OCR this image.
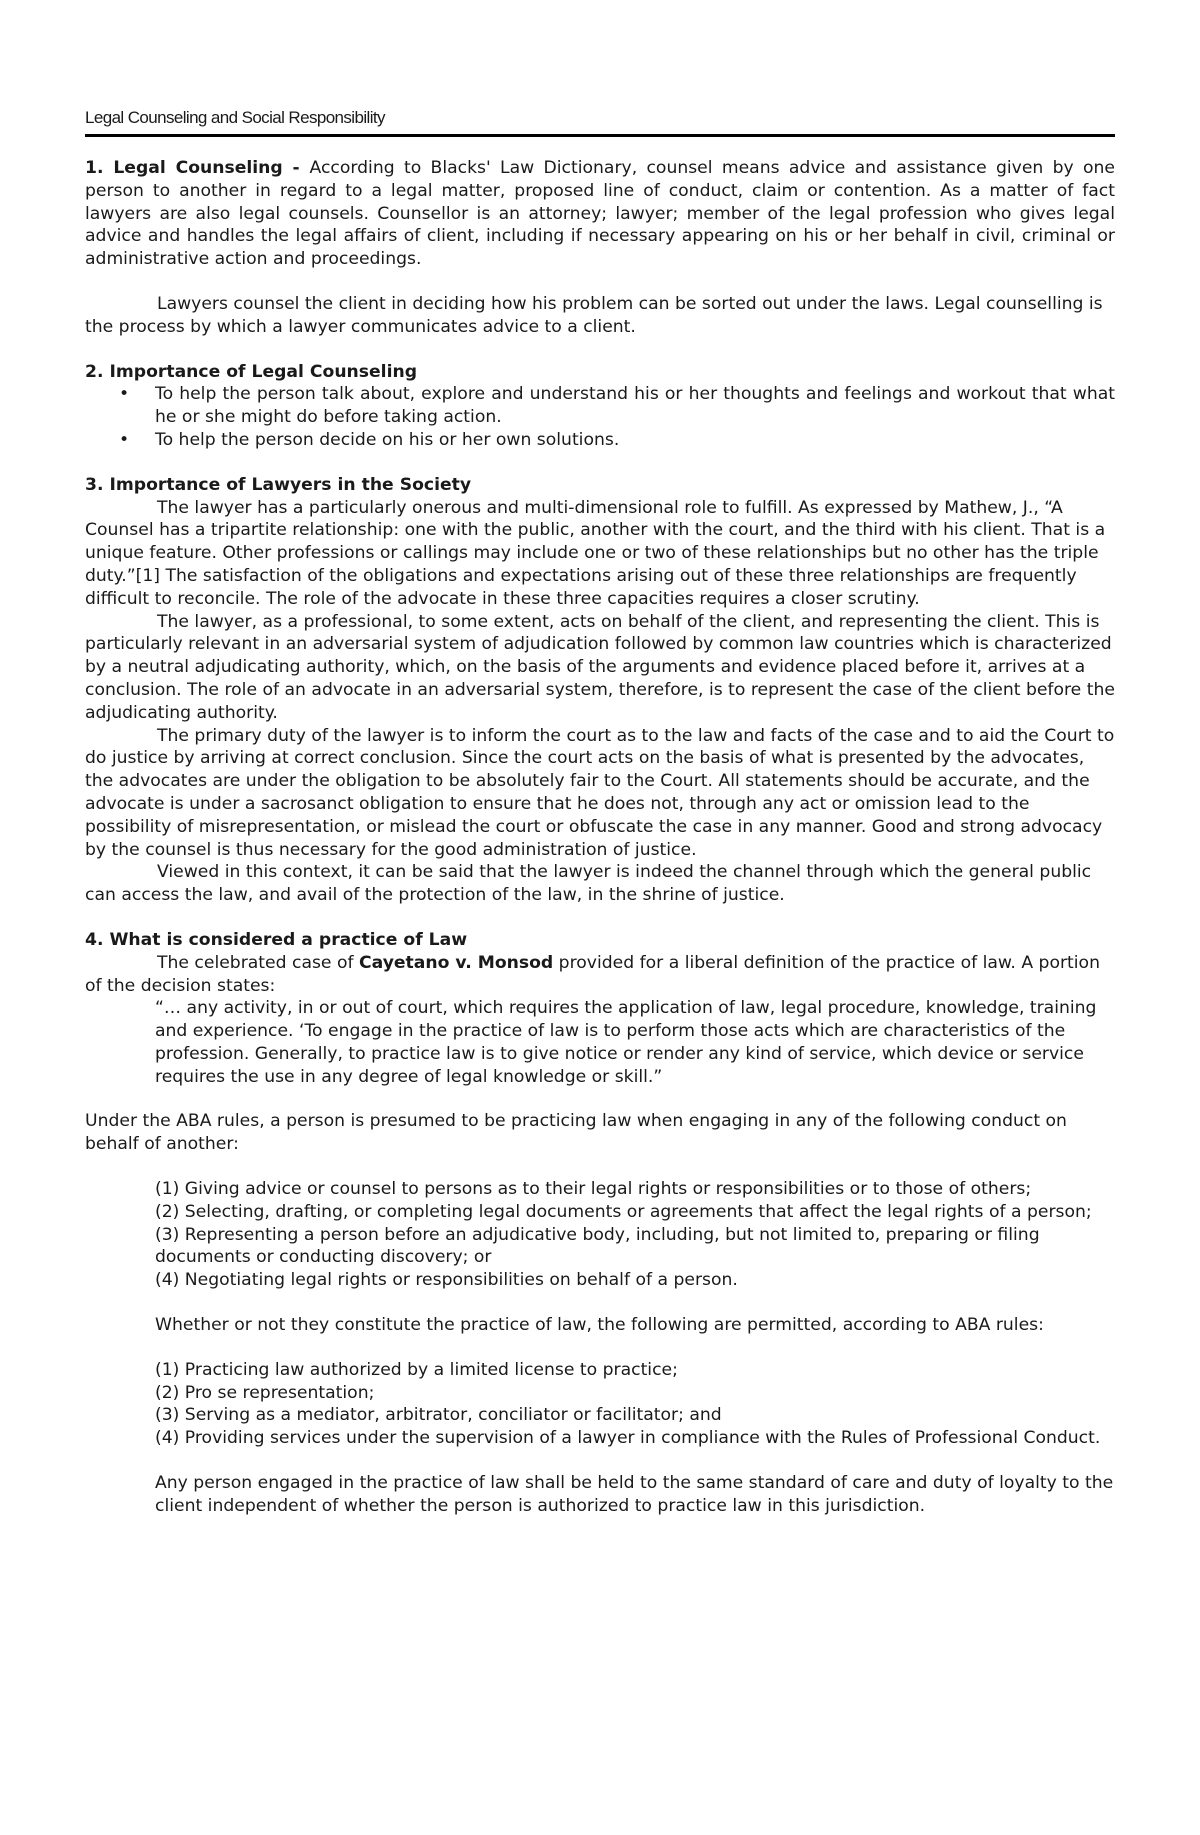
Legal Counseling and Social Responsibility

1. Legal Counseling - According to Blacks' Law Dictionary, counsel means advice and assistance given by one person to another in regard to a legal matter, proposed line of conduct, claim or contention. As a matter of fact lawyers are also legal counsels. Counsellor is an attorney; lawyer; member of the legal profession who gives legal advice and handles the legal affairs of client, including if necessary appearing on his or her behalf in civil, criminal or administrative action and proceedings.

Lawyers counsel the client in deciding how his problem can be sorted out under the laws. Legal counselling is the process by which a lawyer communicates advice to a client.

2. Importance of Legal Counseling

• To help the person talk about, explore and understand his or her thoughts and feelings and workout that what he or she might do before taking action.
• To help the person decide on his or her own solutions.

3. Importance of Lawyers in the Society

The lawyer has a particularly onerous and multi-dimensional role to fulfill. As expressed by Mathew, J., “A Counsel has a tripartite relationship: one with the public, another with the court, and the third with his client. That is a unique feature. Other professions or callings may include one or two of these relationships but no other has the triple duty.”[1] The satisfaction of the obligations and expectations arising out of these three relationships are frequently difficult to reconcile. The role of the advocate in these three capacities requires a closer scrutiny.

The lawyer, as a professional, to some extent, acts on behalf of the client, and representing the client. This is particularly relevant in an adversarial system of adjudication followed by common law countries which is characterized by a neutral adjudicating authority, which, on the basis of the arguments and evidence placed before it, arrives at a conclusion. The role of an advocate in an adversarial system, therefore, is to represent the case of the client before the adjudicating authority.

The primary duty of the lawyer is to inform the court as to the law and facts of the case and to aid the Court to do justice by arriving at correct conclusion. Since the court acts on the basis of what is presented by the advocates, the advocates are under the obligation to be absolutely fair to the Court. All statements should be accurate, and the advocate is under a sacrosanct obligation to ensure that he does not, through any act or omission lead to the possibility of misrepresentation, or mislead the court or obfuscate the case in any manner. Good and strong advocacy by the counsel is thus necessary for the good administration of justice.

Viewed in this context, it can be said that the lawyer is indeed the channel through which the general public can access the law, and avail of the protection of the law, in the shrine of justice.

4. What is considered a practice of Law

The celebrated case of Cayetano v. Monsod provided for a liberal definition of the practice of law. A portion of the decision states:

“… any activity, in or out of court, which requires the application of law, legal procedure, knowledge, training and experience. ‘To engage in the practice of law is to perform those acts which are characteristics of the profession. Generally, to practice law is to give notice or render any kind of service, which device or service requires the use in any degree of legal knowledge or skill.”

Under the ABA rules, a person is presumed to be practicing law when engaging in any of the following conduct on behalf of another:

(1) Giving advice or counsel to persons as to their legal rights or responsibilities or to those of others;

(2) Selecting, drafting, or completing legal documents or agreements that affect the legal rights of a person;

(3) Representing a person before an adjudicative body, including, but not limited to, preparing or filing documents or conducting discovery; or

(4) Negotiating legal rights or responsibilities on behalf of a person.

Whether or not they constitute the practice of law, the following are permitted, according to ABA rules:

(1) Practicing law authorized by a limited license to practice;

(2) Pro se representation;

(3) Serving as a mediator, arbitrator, conciliator or facilitator; and

(4) Providing services under the supervision of a lawyer in compliance with the Rules of Professional Conduct.

Any person engaged in the practice of law shall be held to the same standard of care and duty of loyalty to the client independent of whether the person is authorized to practice law in this jurisdiction.
